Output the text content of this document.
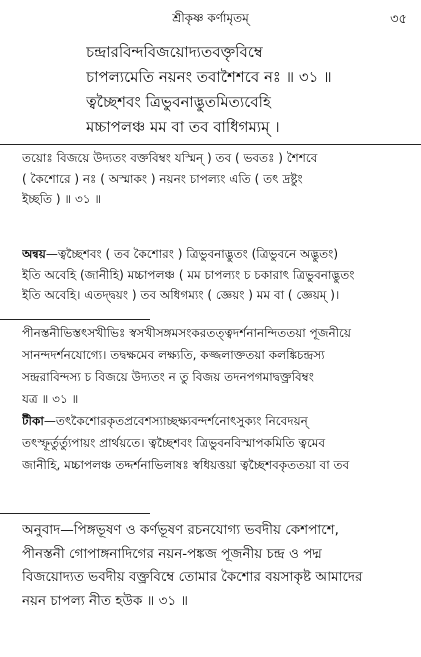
শ্রীকৃষ্ণ কর্ণামৃতম্	৩৫
চন্দ্রারবিন্দবিজয়োদ্যতবক্তৃবিম্বে
চাপল্যমেতি নয়নং তবাশৈশবে নঃ ॥ ৩১ ॥
ত্বচ্ছৈশবং ত্রিভুবনাদ্ভুতমিত্যবেহি
মচ্চাপলঞ্চ মম বা তব বাধিগম্যম্ ।
তয়োঃ বিজয়ে উদ্যতং বক্তবিম্বং যস্মিন্ ) তব ( ভবতঃ ) শৈশবে
( কৈশোরে ) নঃ ( অস্মাকং ) নয়নং চাপল্যং এতি ( তৎ দ্রষ্টুং
ইচ্ছতি ) ॥ ৩১ ॥
অন্বয়—ত্বচ্ছৈশবং ( তব কৈশোরং ) ত্রিভুবনাদ্ভুতং (ত্রিভুবনে অদ্ভুতং)
ইতি অবেহি (জানীহি) মচ্চাপলঞ্চ ( মম চাপল্যং চ চকারাৎ ত্রিভুবনাদ্ভুতং
ইতি অবেহি। এতদ্দ্বয়ং ) তব অধিগম্যং ( জ্ঞেয়ং ) মম বা ( জ্ঞেয়ম্ )।
পীনস্তনীভিস্তৎসখীভিঃ স্বসখীসঙ্গমসংকরতত্ত্বদর্শনানন্দিততয়া পূজনীয়ে
সানন্দদর্শনযোগ্যে। তদ্বক্ষমেব লক্ষ্যতি, কজ্জলাক্ততয়া কলঙ্কিচন্দ্রস্য
সন্দ্ররাবিন্দস্য চ বিজয়ে উদ্যতং ন তু বিজয় তদনপগমাদ্বক্ত্রবিম্বং
যত্র ॥ ৩১ ॥
টীকা—তৎকৈশোরকৃতপ্রবেশস্যাচ্ছক্ষ্যবন্দর্শনোৎসুক্যং নিবেদয়ন্
তৎস্ফূর্তুর্ত্যুপায়ং প্রার্থয়তে। ত্বচ্ছৈশবং ত্রিভুবনবিস্মাপকমিতি ত্বমেব
জানীহি, মচ্চাপলঞ্চ তদ্দর্শনাভিলাষঃ স্বধিয়ত্তয়া ত্বচ্ছৈশবকৃততয়া বা তব
অনুবাদ—পিঙ্গভূষণ ও কর্ণভূষণ রচনযোগ্য ভবদীয় কেশপাশে,
পীনস্তনী গোপাঙ্গনাদিগের নয়ন-পঙ্কজ পূজনীয় চন্দ্র ও পদ্ম
বিজয়োদ্যত ভবদীয় বক্ত্রবিম্বে তোমার কৈশোর বয়সাকৃষ্ট আমাদের
নয়ন চাপল্য নীত হউক ॥ ৩১ ॥
